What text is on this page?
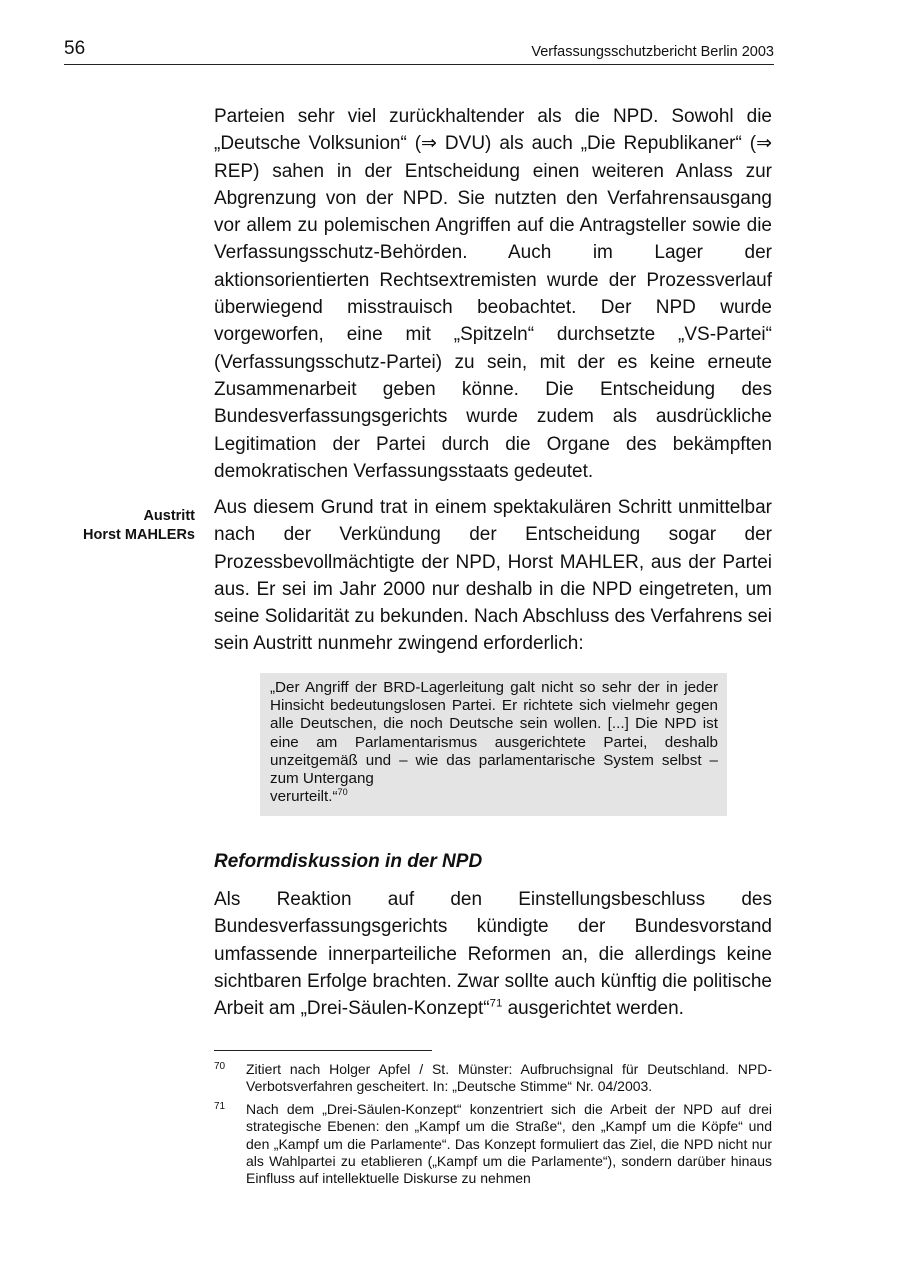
56	Verfassungsschutzbericht Berlin 2003

Parteien sehr viel zurückhaltender als die NPD. Sowohl die „Deutsche Volksunion“ (⇒ DVU) als auch „Die Republikaner“ (⇒ REP) sahen in der Entscheidung einen weiteren Anlass zur Abgrenzung von der NPD. Sie nutzten den Verfahrensausgang vor allem zu polemischen Angriffen auf die Antragsteller sowie die Verfassungsschutz-Behörden. Auch im Lager der aktionsorientierten Rechtsextremisten wurde der Prozessverlauf überwiegend misstrauisch beobachtet. Der NPD wurde vorgeworfen, eine mit „Spitzeln“ durchsetzte „VS-Partei“ (Verfassungsschutz-Partei) zu sein, mit der es keine erneute Zusammenarbeit geben könne. Die Entscheidung des Bundesverfassungsgerichts wurde zudem als ausdrückliche Legitimation der Partei durch die Organe des bekämpften demokratischen Verfassungsstaats gedeutet.

Austritt
Horst MAHLERs

Aus diesem Grund trat in einem spektakulären Schritt unmittelbar nach der Verkündung der Entscheidung sogar der Prozessbevollmächtigte der NPD, Horst MAHLER, aus der Partei aus. Er sei im Jahr 2000 nur deshalb in die NPD eingetreten, um seine Solidarität zu bekunden. Nach Abschluss des Verfahrens sei sein Austritt nunmehr zwingend erforderlich:

„Der Angriff der BRD-Lagerleitung galt nicht so sehr der in jeder Hinsicht bedeutungslosen Partei. Er richtete sich vielmehr gegen alle Deutschen, die noch Deutsche sein wollen. [...] Die NPD ist eine am Parlamentarismus ausgerichtete Partei, deshalb unzeitgemäß und – wie das parlamentarische System selbst – zum Untergang

verurteilt.“$^{70}$

Reformdiskussion in der NPD

Als Reaktion auf den Einstellungsbeschluss des Bundesverfassungsgerichts kündigte der Bundesvorstand umfassende innerparteiliche Reformen an, die allerdings keine sichtbaren Erfolge brachten. Zwar sollte auch künftig die politische Arbeit am „Drei-Säulen-Konzept“$^{71}$ ausgerichtet werden.

70 Zitiert nach Holger Apfel / St. Münster: Aufbruchsignal für Deutschland. NPD-Verbotsverfahren gescheitert. In: „Deutsche Stimme“ Nr. 04/2003.
71 Nach dem „Drei-Säulen-Konzept“ konzentriert sich die Arbeit der NPD auf drei strategische Ebenen: den „Kampf um die Straße“, den „Kampf um die Köpfe“ und den „Kampf um die Parlamente“. Das Konzept formuliert das Ziel, die NPD nicht nur als Wahlpartei zu etablieren („Kampf um die Parlamente“), sondern darüber hinaus Einfluss auf intellektuelle Diskurse zu nehmen
